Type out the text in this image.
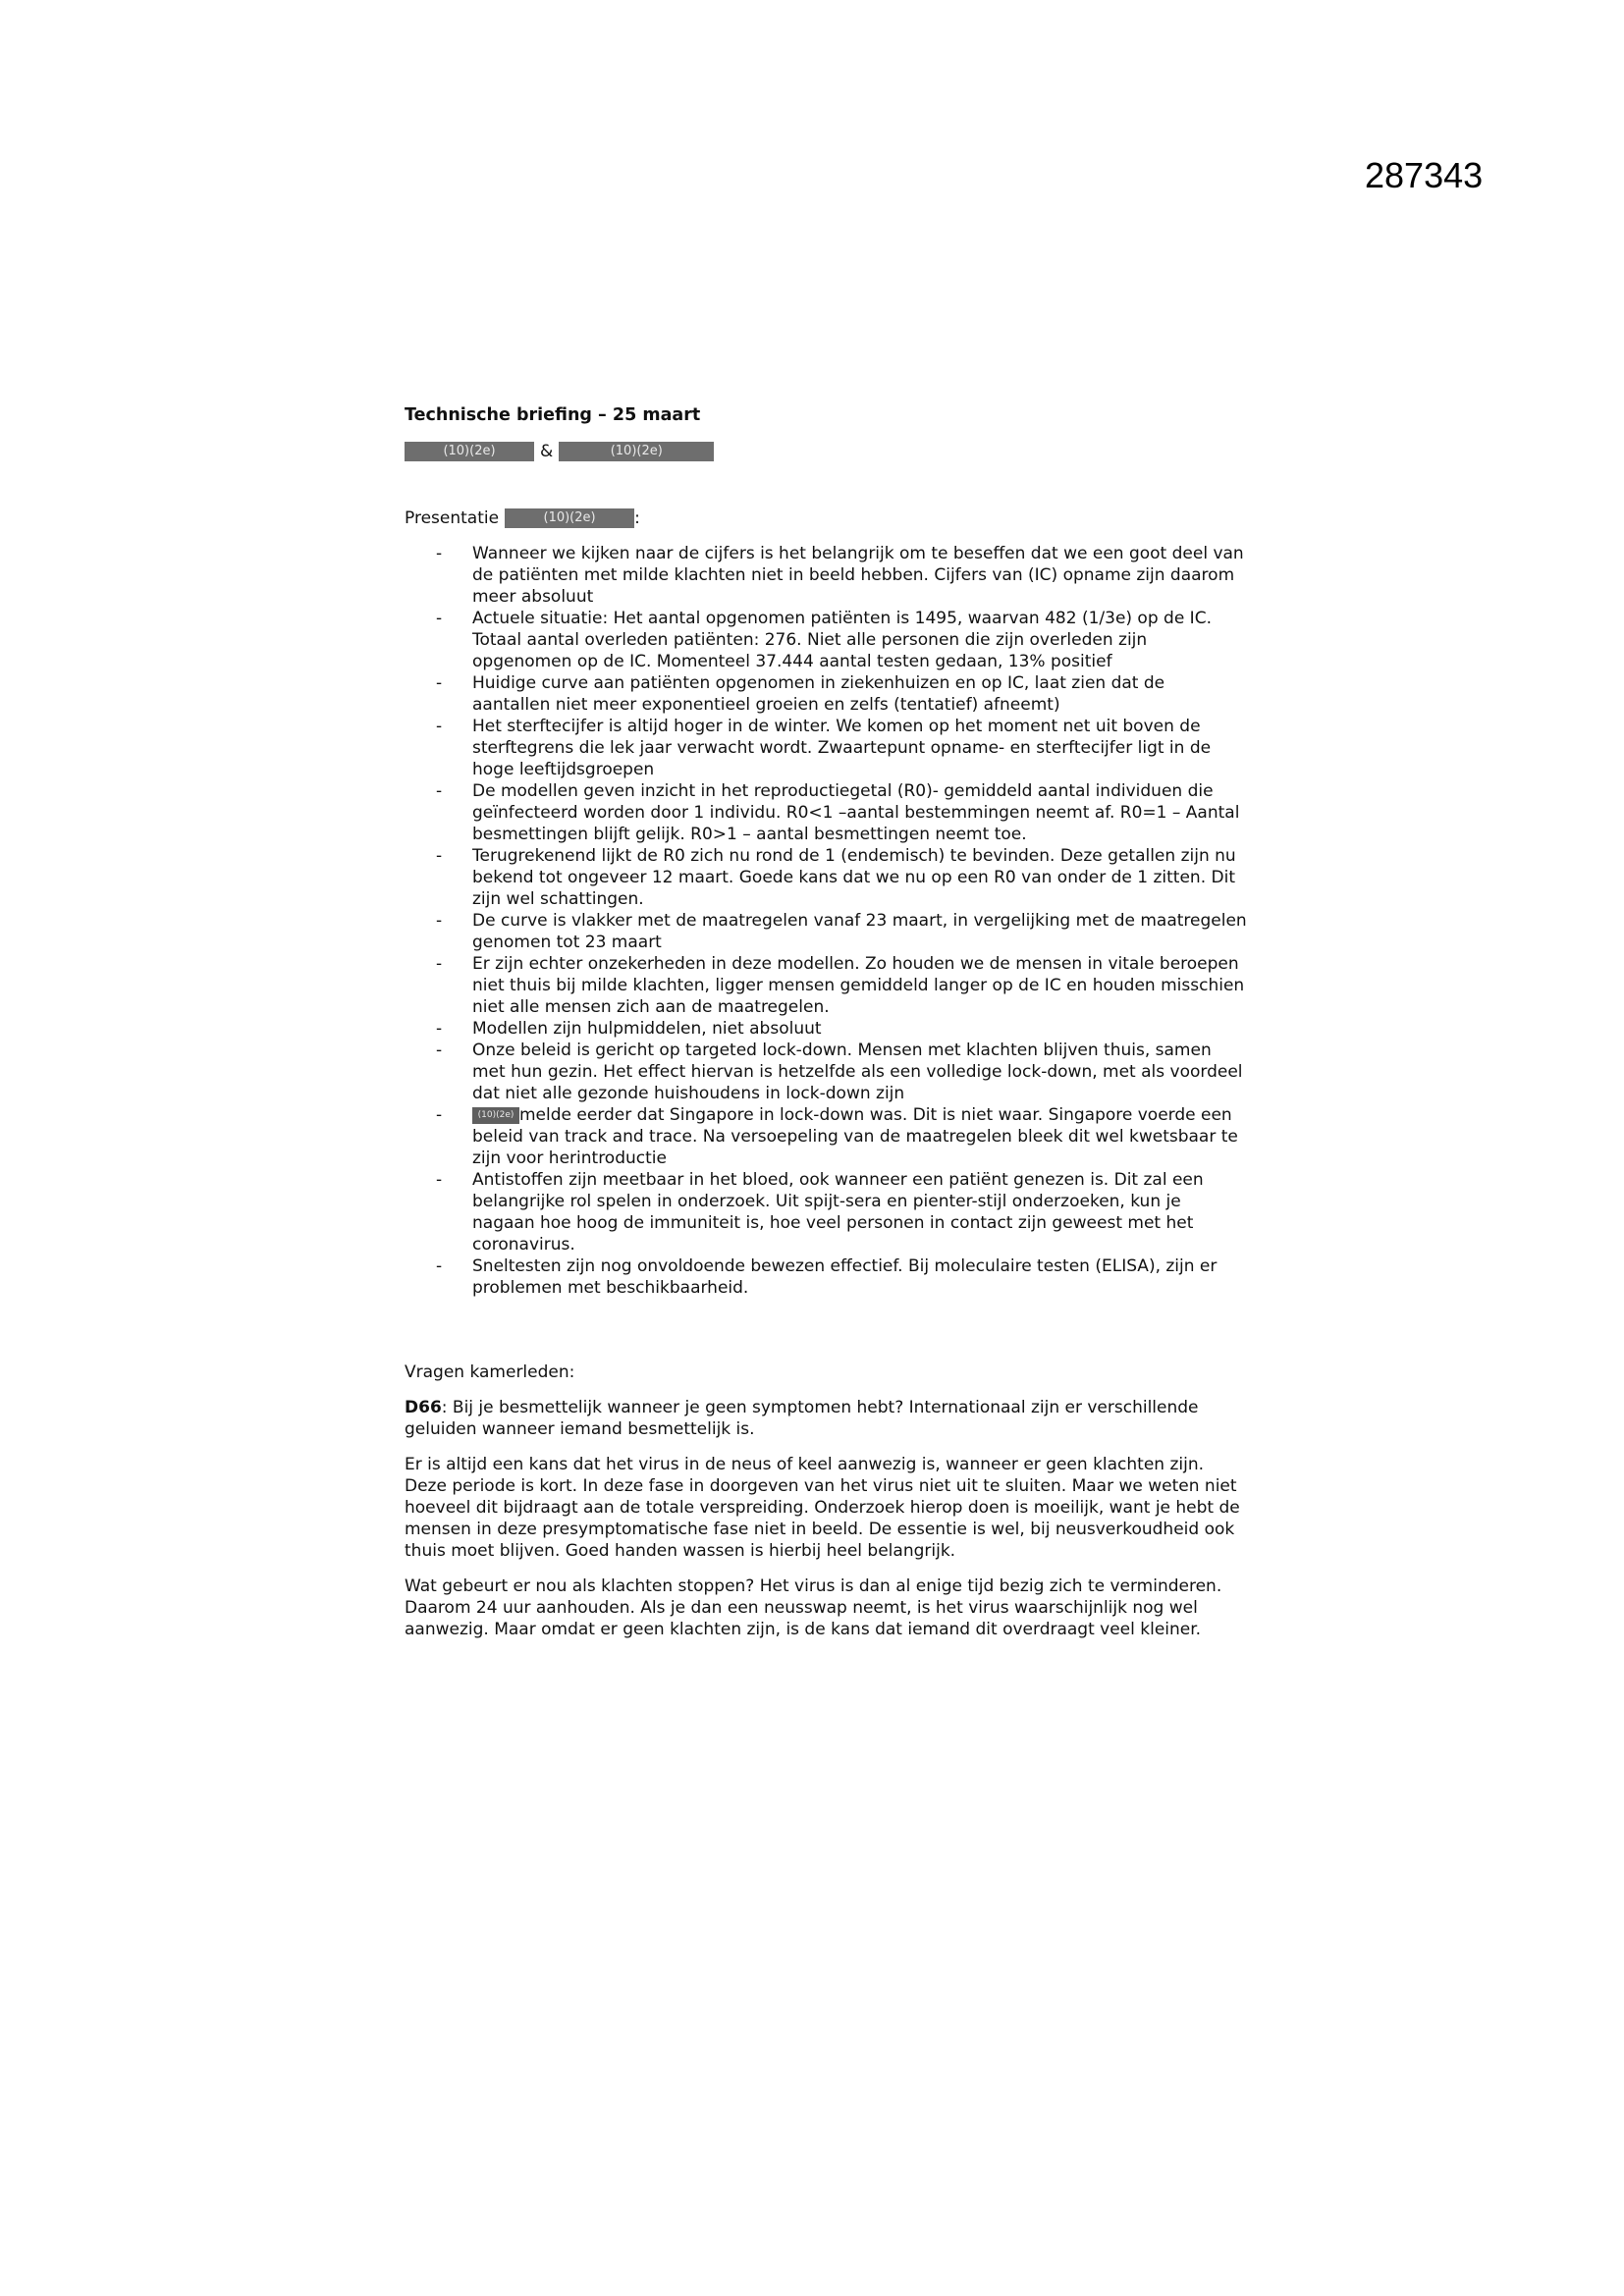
287343
Technische briefing – 25 maart
(10)(2e)	&	(10)(2e)
Presentatie	(10)(2e)	:
- Wanneer we kijken naar de cijfers is het belangrijk om te beseffen dat we een goot deel van de patiënten met milde klachten niet in beeld hebben. Cijfers van (IC) opname zijn daarom meer absoluut
- Actuele situatie: Het aantal opgenomen patiënten is 1495, waarvan 482 (1/3e) op de IC. Totaal aantal overleden patiënten: 276. Niet alle personen die zijn overleden zijn opgenomen op de IC. Momenteel 37.444 aantal testen gedaan, 13% positief
- Huidige curve aan patiënten opgenomen in ziekenhuizen en op IC, laat zien dat de aantallen niet meer exponentieel groeien en zelfs (tentatief) afneemt)
- Het sterftecijfer is altijd hoger in de winter. We komen op het moment net uit boven de sterftegrens die lek jaar verwacht wordt. Zwaartepunt opname- en sterftecijfer ligt in de hoge leeftijdsgroepen
- De modellen geven inzicht in het reproductiegetal (R0)- gemiddeld aantal individuen die geïnfecteerd worden door 1 individu. R0<1 –aantal bestemmingen neemt af. R0=1 – Aantal besmettingen blijft gelijk. R0>1 – aantal besmettingen neemt toe.
- Terugrekenend lijkt de R0 zich nu rond de 1 (endemisch) te bevinden. Deze getallen zijn nu bekend tot ongeveer 12 maart. Goede kans dat we nu op een R0 van onder de 1 zitten. Dit zijn wel schattingen.
- De curve is vlakker met de maatregelen vanaf 23 maart, in vergelijking met de maatregelen genomen tot 23 maart
- Er zijn echter onzekerheden in deze modellen. Zo houden we de mensen in vitale beroepen niet thuis bij milde klachten, ligger mensen gemiddeld langer op de IC en houden misschien niet alle mensen zich aan de maatregelen.
- Modellen zijn hulpmiddelen, niet absoluut
- Onze beleid is gericht op targeted lock-down. Mensen met klachten blijven thuis, samen met hun gezin. Het effect hiervan is hetzelfde als een volledige lock-down, met als voordeel dat niet alle gezonde huishoudens in lock-down zijn
-	(10)(2e) melde eerder dat Singapore in lock-down was. Dit is niet waar. Singapore voerde een beleid van track and trace. Na versoepeling van de maatregelen bleek dit wel kwetsbaar te zijn voor herintroductie
- Antistoffen zijn meetbaar in het bloed, ook wanneer een patiënt genezen is. Dit zal een belangrijke rol spelen in onderzoek. Uit spijt-sera en pienter-stijl onderzoeken, kun je nagaan hoe hoog de immuniteit is, hoe veel personen in contact zijn geweest met het coronavirus.
- Sneltesten zijn nog onvoldoende bewezen effectief. Bij moleculaire testen (ELISA), zijn er problemen met beschikbaarheid.

Vragen kamerleden:

D66: Bij je besmettelijk wanneer je geen symptomen hebt? Internationaal zijn er verschillende geluiden wanneer iemand besmettelijk is.

Er is altijd een kans dat het virus in de neus of keel aanwezig is, wanneer er geen klachten zijn. Deze periode is kort. In deze fase in doorgeven van het virus niet uit te sluiten. Maar we weten niet hoeveel dit bijdraagt aan de totale verspreiding. Onderzoek hierop doen is moeilijk, want je hebt de mensen in deze presymptomatische fase niet in beeld. De essentie is wel, bij neusverkoudheid ook thuis moet blijven. Goed handen wassen is hierbij heel belangrijk.

Wat gebeurt er nou als klachten stoppen? Het virus is dan al enige tijd bezig zich te verminderen. Daarom 24 uur aanhouden. Als je dan een neusswap neemt, is het virus waarschijnlijk nog wel aanwezig. Maar omdat er geen klachten zijn, is de kans dat iemand dit overdraagt veel kleiner.
